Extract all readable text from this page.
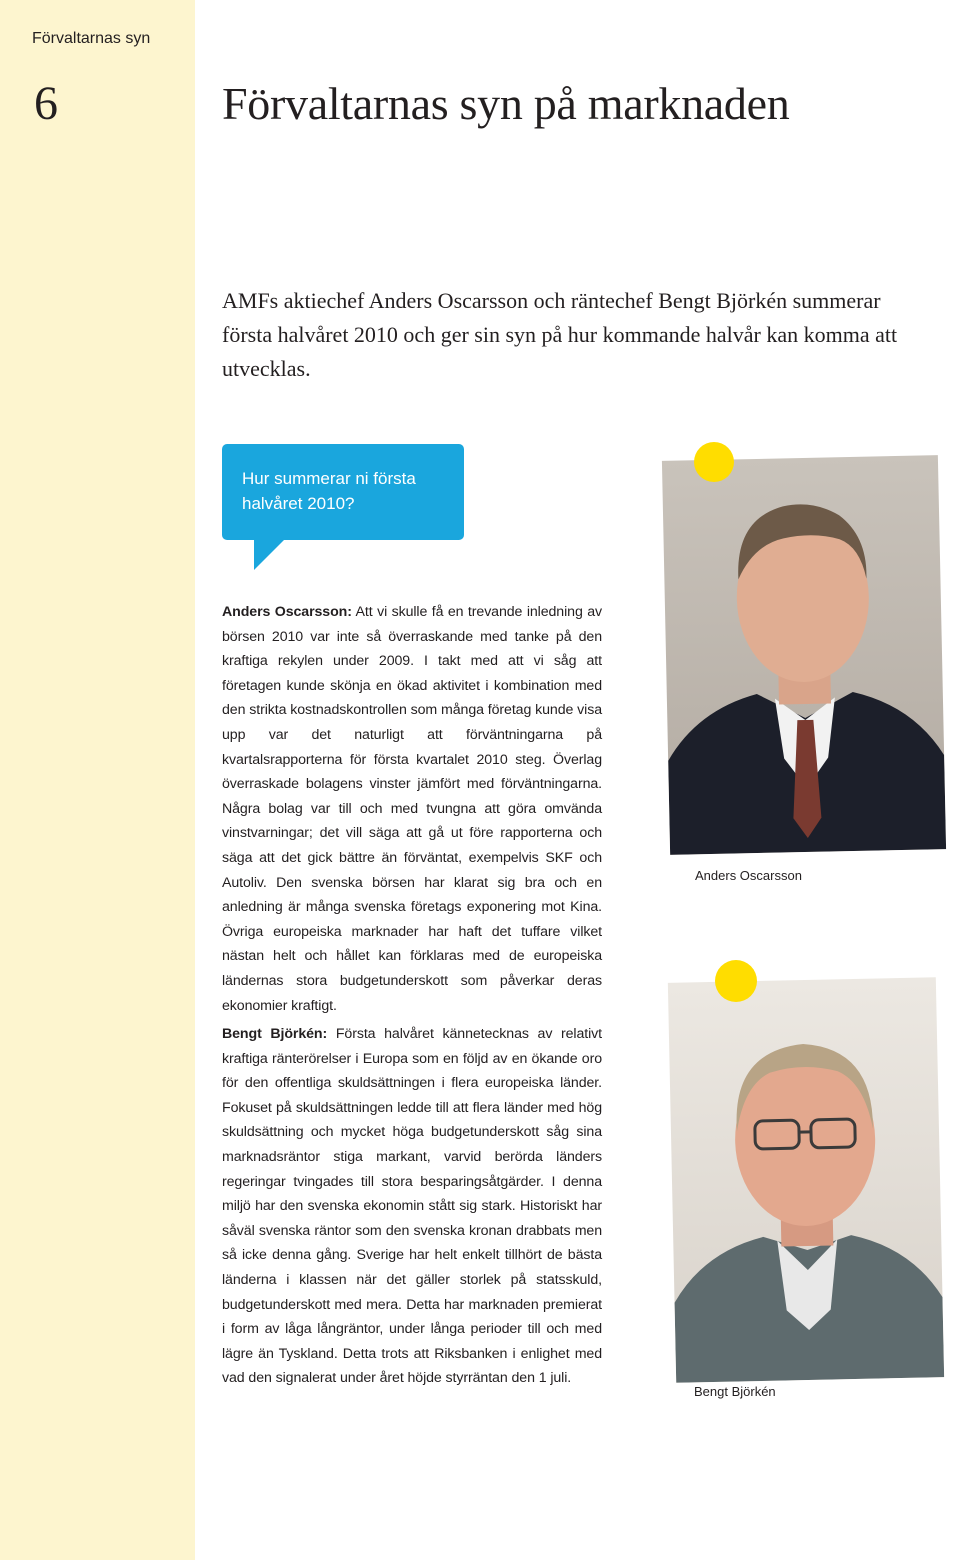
Förvaltarnas syn
6	Förvaltarnas syn på marknaden

AMFs aktiechef Anders Oscarsson och räntechef Bengt Björkén summerar första halvåret 2010 och ger sin syn på hur kommande halvår kan komma att utvecklas.

Hur summerar ni första halvåret 2010?

Anders Oscarsson: Att vi skulle få en trevande inledning av börsen 2010 var inte så överraskande med tanke på den kraftiga rekylen under 2009. I takt med att vi såg att företagen kunde skönja en ökad aktivitet i kombination med den strikta kostnadskontrollen som många företag kunde visa upp var det naturligt att förväntningarna på kvartalsrapporterna för första kvartalet 2010 steg. Överlag överraskade bolagens vinster jämfört med förväntningarna. Några bolag var till och med tvungna att göra omvända vinstvarningar; det vill säga att gå ut före rapporterna och säga att det gick bättre än förväntat, exempelvis SKF och Autoliv. Den svenska börsen har klarat sig bra och en anledning är många svenska företags exponering mot Kina. Övriga europeiska marknader har haft det tuffare vilket nästan helt och hållet kan förklaras med de europeiska ländernas stora budgetunderskott som påverkar deras ekonomier kraftigt.

Bengt Björkén: Första halvåret kännetecknas av relativt kraftiga ränterörelser i Europa som en följd av en ökande oro för den offentliga skuldsättningen i flera europeiska länder. Fokuset på skuldsättningen ledde till att flera länder med hög skuldsättning och mycket höga budgetunderskott såg sina marknadsräntor stiga markant, varvid berörda länders regeringar tvingades till stora besparingsåtgärder. I denna miljö har den svenska ekonomin stått sig stark. Historiskt har såväl svenska räntor som den svenska kronan drabbats men så icke denna gång. Sverige har helt enkelt tillhört de bästa länderna i klassen när det gäller storlek på statsskuld, budgetunderskott med mera. Detta har marknaden premierat i form av låga långräntor, under långa perioder till och med lägre än Tyskland. Detta trots att Riksbanken i enlighet med vad den signalerat under året höjde styrräntan den 1 juli.

Anders Oscarsson
Bengt Björkén
